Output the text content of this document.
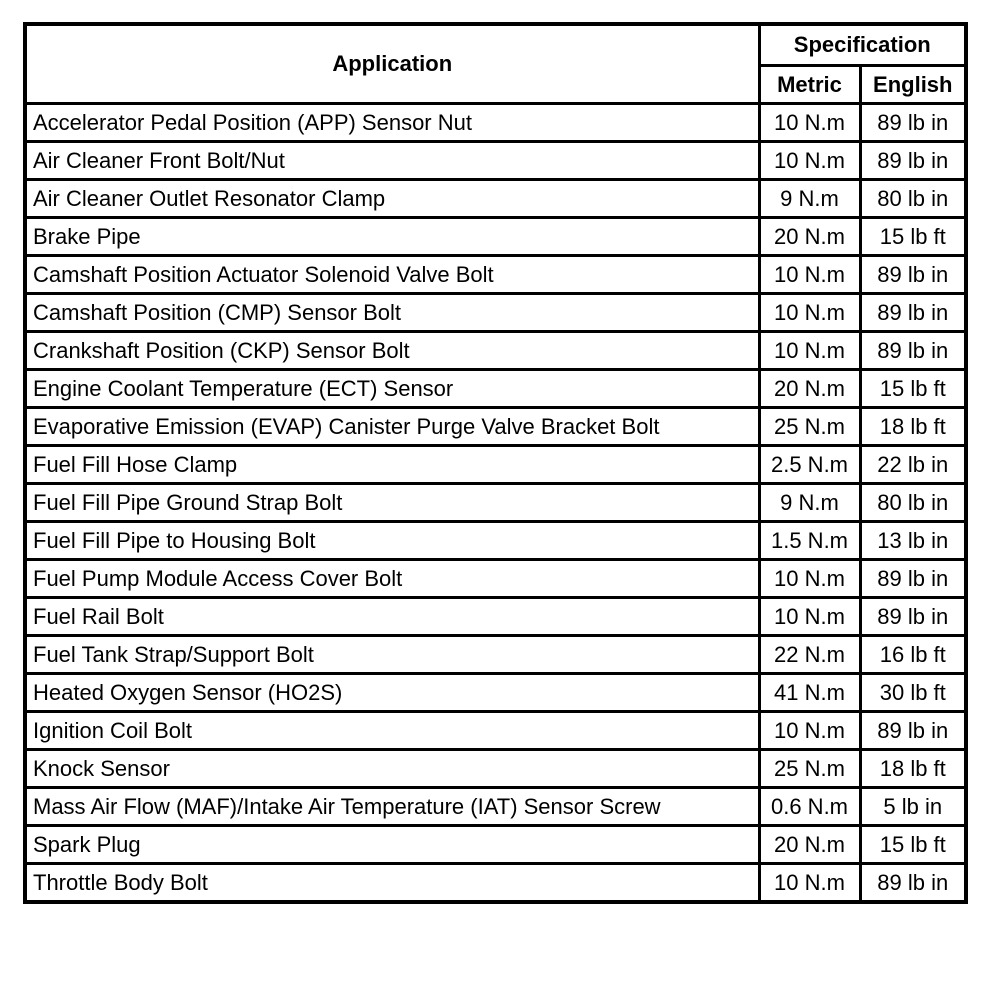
Application	Specification	
	Metric	English
Accelerator Pedal Position (APP) Sensor Nut	10 N.m	89 lb in
Air Cleaner Front Bolt/Nut	10 N.m	89 lb in
Air Cleaner Outlet Resonator Clamp	9 N.m	80 lb in
Brake Pipe	20 N.m	15 lb ft
Camshaft Position Actuator Solenoid Valve Bolt	10 N.m	89 lb in
Camshaft Position (CMP) Sensor Bolt	10 N.m	89 lb in
Crankshaft Position (CKP) Sensor Bolt	10 N.m	89 lb in
Engine Coolant Temperature (ECT) Sensor	20 N.m	15 lb ft
Evaporative Emission (EVAP) Canister Purge Valve Bracket Bolt	25 N.m	18 lb ft
Fuel Fill Hose Clamp	2.5 N.m	22 lb in
Fuel Fill Pipe Ground Strap Bolt	9 N.m	80 lb in
Fuel Fill Pipe to Housing Bolt	1.5 N.m	13 lb in
Fuel Pump Module Access Cover Bolt	10 N.m	89 lb in
Fuel Rail Bolt	10 N.m	89 lb in
Fuel Tank Strap/Support Bolt	22 N.m	16 lb ft
Heated Oxygen Sensor (HO2S)	41 N.m	30 lb ft
Ignition Coil Bolt	10 N.m	89 lb in
Knock Sensor	25 N.m	18 lb ft
Mass Air Flow (MAF)/Intake Air Temperature (IAT) Sensor Screw	0.6 N.m	5 lb in
Spark Plug	20 N.m	15 lb ft
Throttle Body Bolt	10 N.m	89 lb in
